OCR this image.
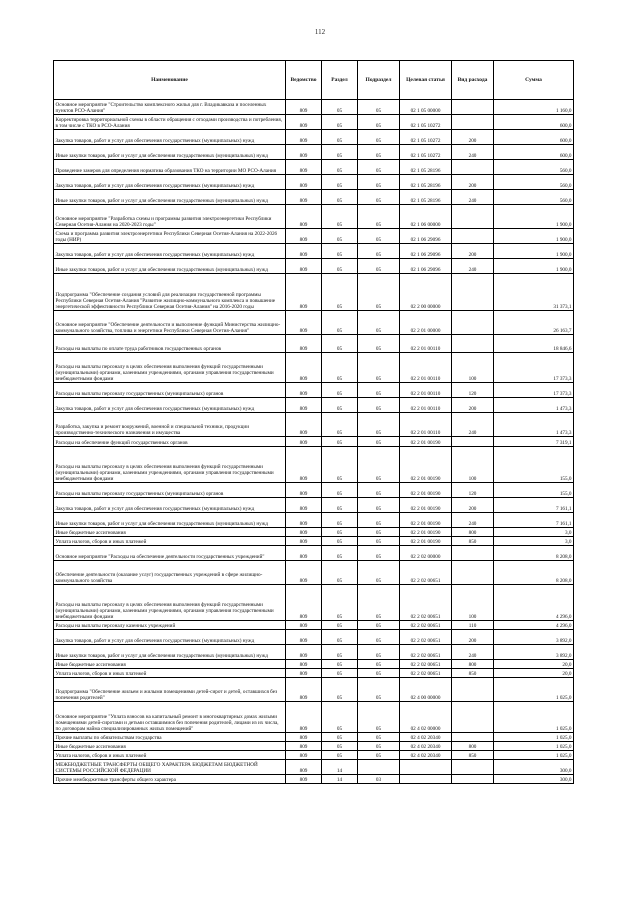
112
Наименование	Ведомство	Раздел	Подраздел	Целевая статья	Вид расхода	Сумма
Основное мероприятие "Строительство комплексного жилья для г. Владикавказа и поселенных пунктов РСО-Алания"	809	05	05	02 1 05 00000		1 160,0
Корректировка территориальной схемы в области обращения с отходами производства и потребления, в том числе с ТКО в РСО-Алания	809	05	05	02 1 05 10272		600,0
Закупка товаров, работ и услуг для обеспечения государственных (муниципальных) нужд	809	05	05	02 1 05 10272	200	600,0
Иные закупки товаров, работ и услуг для обеспечения государственных (муниципальных) нужд	809	05	05	02 1 05 10272	240	600,0
Проведение замеров для определения норматива образования ТКО на территории МО РСО-Алания	809	05	05	02 1 05 28196		560,0
Закупка товаров, работ и услуг для обеспечения государственных (муниципальных) нужд	809	05	05	02 1 05 28196	200	560,0
Иные закупки товаров, работ и услуг для обеспечения государственных (муниципальных) нужд	809	05	05	02 1 05 28196	240	560,0
Основное мероприятие "Разработка схемы и программы развития электроэнергетики Республики Северная Осетия-Алания на 2020-2023 годы"	809	05	05	02 1 06 00000		1 900,0
Схема и программа развития электроэнергетики Республики Северная Осетия-Алания на 2022-2026 годы (НИР)	809	05	05	02 1 06 29096		1 900,0
Закупка товаров, работ и услуг для обеспечения государственных (муниципальных) нужд	809	05	05	02 1 06 29096	200	1 900,0
Иные закупки товаров, работ и услуг для обеспечения государственных (муниципальных) нужд	809	05	05	02 1 06 29096	240	1 900,0
Подпрограмма "Обеспечение создания условий для реализации государственной программы Республики Северная Осетия-Алания "Развитие жилищно-коммунального комплекса и повышение энергетической эффективности Республики Северная Осетия-Алания" на 2016-2020 годы	809	05	05	02 2 00 00000		31 373,1
Основное мероприятие "Обеспечение деятельности и выполнение функций Министерства жилищно-коммунального хозяйства, топлива и энергетики Республики Северная Осетия-Алания"	809	05	05	02 2 01 00000		26 163,7
Расходы на выплаты по оплате труда работников государственных органов	809	05	05	02 2 01 00110		18 846,6
Расходы на выплаты персоналу в целях обеспечения выполнения функций государственными (муниципальными) органами, казенными учреждениями, органами управления государственными внебюджетными фондами	809	05	05	02 2 01 00110	100	17 373,3
Расходы на выплаты персоналу государственных (муниципальных) органов	809	05	05	02 2 01 00110	120	17 373,3
Закупка товаров, работ и услуг для обеспечения государственных (муниципальных) нужд	809	05	05	02 2 01 00110	200	1 473,3
Разработка, закупка и ремонт вооружений, военной и специальной техники, продукции производственно-технического назначения и имущества	809	05	05	02 2 01 00110	240	1 473,3
Расходы на обеспечение функций государственных органов	809	05	05	02 2 01 00190		7 319,1
Расходы на выплаты персоналу в целях обеспечения выполнения функций государственными (муниципальными) органами, казенными учреждениями, органами управления государственными внебюджетными фондами	809	05	05	02 2 01 00190	100	155,0
Расходы на выплаты персоналу государственных (муниципальных) органов	809	05	05	02 2 01 00190	120	155,0
Закупка товаров, работ и услуг для обеспечения государственных (муниципальных) нужд	809	05	05	02 2 01 00190	200	7 161,1
Иные закупки товаров, работ и услуг для обеспечения государственных (муниципальных) нужд	809	05	05	02 2 01 00190	240	7 161,1
Иные бюджетные ассигнования	809	05	05	02 2 01 00190	800	3,0
Уплата налогов, сборов и иных платежей	809	05	05	02 2 01 00190	850	3,0
Основное мероприятие "Расходы на обеспечение деятельности государственных учреждений"	809	05	05	02 2 02 00000		8 208,0
Обеспечение деятельности (оказание услуг) государственных учреждений в сфере жилищно-коммунального хозяйства	809	05	05	02 2 02 00651		8 208,0
Расходы на выплаты персоналу в целях обеспечения выполнения функций государственными (муниципальными) органами, казенными учреждениями, органами управления государственными внебюджетными фондами	809	05	05	02 2 02 00651	100	4 296,0
Расходы на выплаты персоналу казенных учреждений	809	05	05	02 2 02 00651	110	4 296,0
Закупка товаров, работ и услуг для обеспечения государственных (муниципальных) нужд	809	05	05	02 2 02 00651	200	3 892,0
Иные закупки товаров, работ и услуг для обеспечения государственных (муниципальных) нужд	809	05	05	02 2 02 00651	240	3 892,0
Иные бюджетные ассигнования	809	05	05	02 2 02 00651	800	20,0
Уплата налогов, сборов и иных платежей	809	05	05	02 2 02 00651	850	20,0
Подпрограмма "Обеспечение жильем и жилыми помещениями детей-сирот и детей, оставшихся без попечения родителей"	809	05	05	02 4 00 00000		1 025,0
Основное мероприятие "Уплата взносов на капитальный ремонт в многоквартирных домах жилыми помещениями детей-сиротами и детьми оставшимися без попечения родителей, лицами из их числа, по договорам найма специализированных жилых помещений"	809	05	05	02 4 02 00000		1 025,0
Прочие выплаты по обязательствам государства	809	05	05	02 4 02 20340		1 025,0
Иные бюджетные ассигнования	809	05	05	02 4 02 20340	800	1 025,0
Уплата налогов, сборов и иных платежей	809	05	05	02 4 02 20340	850	1 025,0
МЕЖБЮДЖЕТНЫЕ ТРАНСФЕРТЫ ОБЩЕГО ХАРАКТЕРА БЮДЖЕТАМ БЮДЖЕТНОЙ СИСТЕМЫ РОССИЙСКОЙ ФЕДЕРАЦИИ	809	14				300,0
Прочие межбюджетные трансферты общего характера	809	14	03			300,0
